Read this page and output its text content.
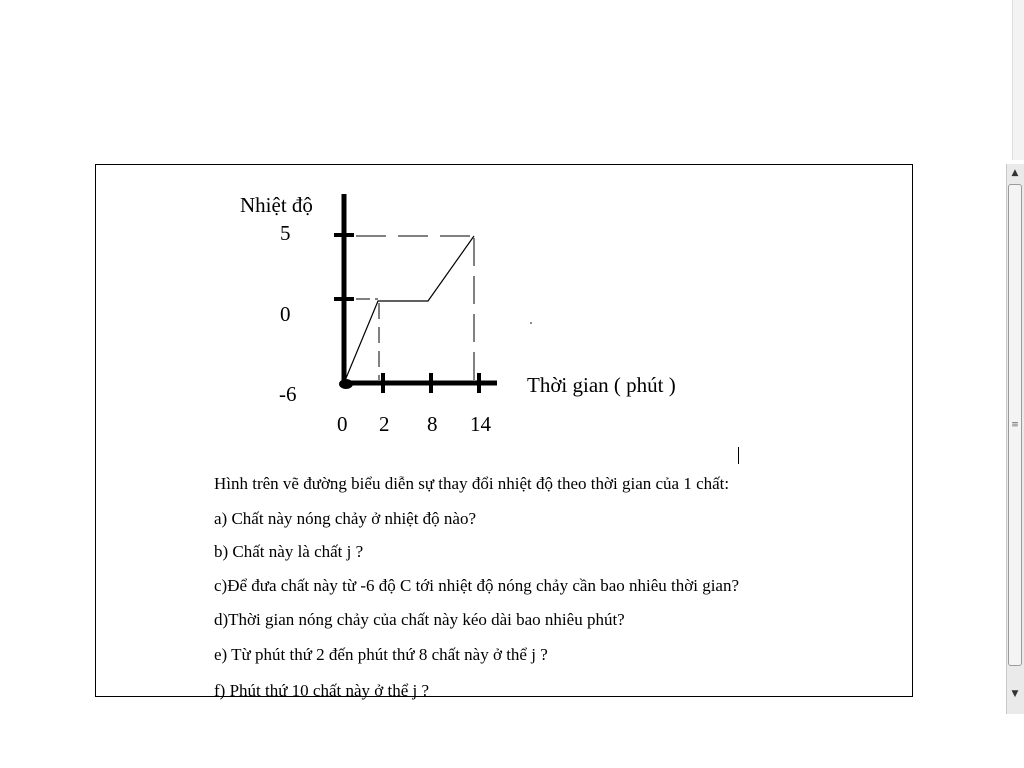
Nhiệt độ
5
0
-6
0 2 8 14
Thời gian ( phút )
Hình trên vẽ đường biểu diễn sự thay đổi nhiệt độ theo thời gian của 1 chất:
a) Chất này nóng chảy ở nhiệt độ nào?
b) Chất này là chất j ?
c)Để đưa chất này từ -6 độ C tới nhiệt độ nóng chảy cần bao nhiêu thời gian?
d)Thời gian nóng chảy của chất này kéo dài bao nhiêu phút?
e) Từ phút thứ 2 đến phút thứ 8 chất này ở thể j ?
f) Phút thứ 10 chất này ở thể j ?
▲
≡
▼
